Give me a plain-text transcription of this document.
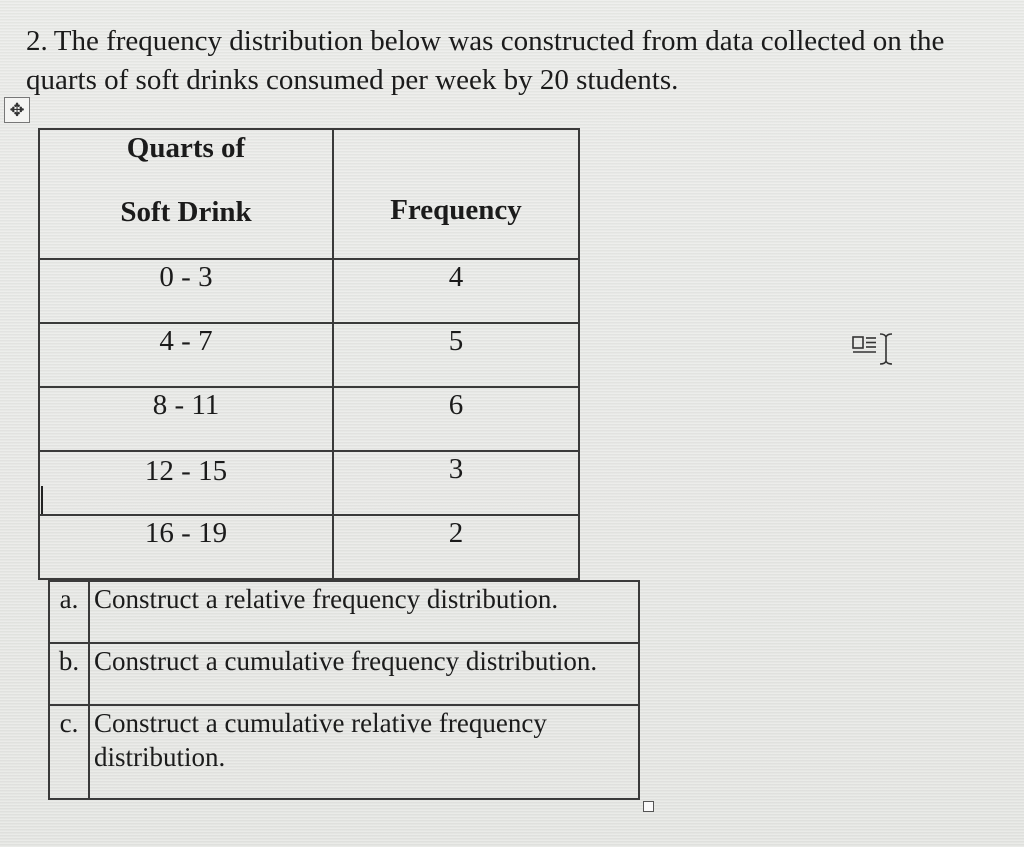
2. The frequency distribution below was constructed from data collected on the quarts of soft drinks consumed per week by 20 students.

✥
Quarts of
Soft Drink	Frequency

0 - 3	4

4 - 7	5

8 - 11	6

12 - 15	3

16 - 19	2
a.	Construct a relative frequency distribution.
b.	Construct a cumulative frequency distribution.
c.	Construct a cumulative relative frequency distribution.
